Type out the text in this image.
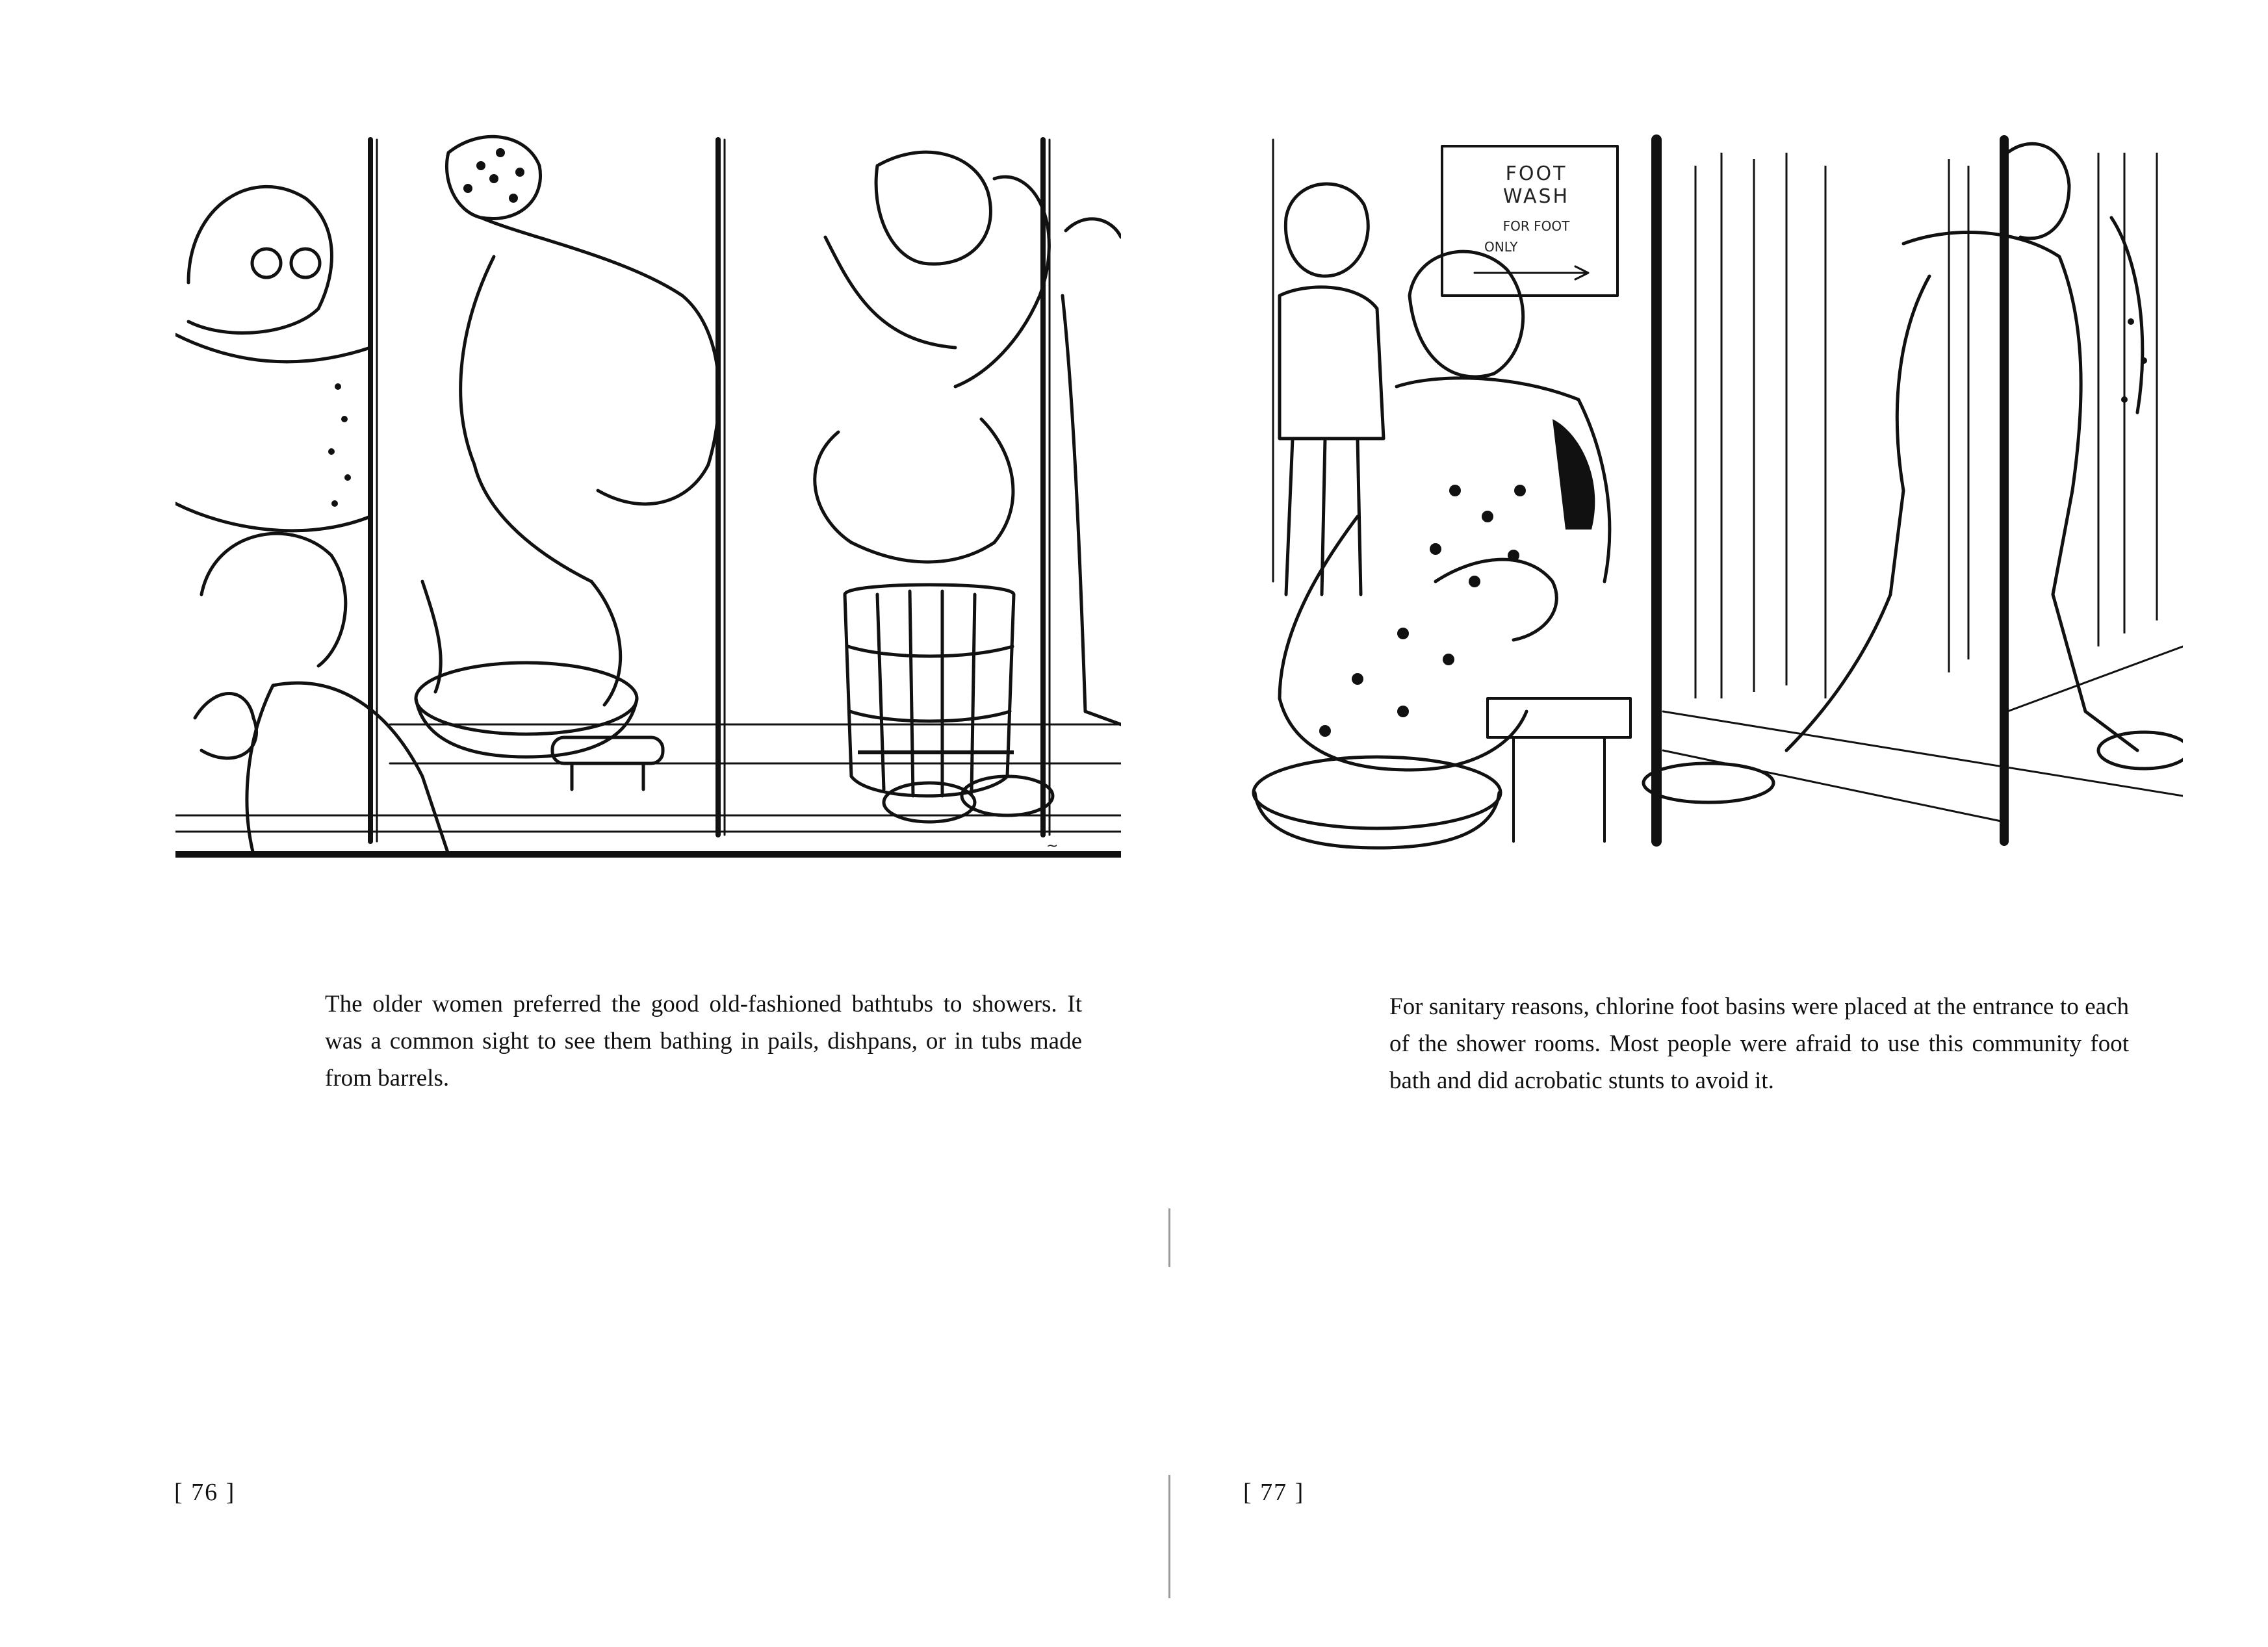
~

The older women preferred the good old-fashioned bathtubs to showers. It was a common sight to see them bathing in pails, dishpans, or in tubs made from barrels.

[ 76 ]
FOOT WASH
FOR FOOT
ONLY

For sanitary reasons, chlorine foot basins were placed at the entrance to each of the shower rooms. Most people were afraid to use this community foot bath and did acrobatic stunts to avoid it.

[ 77 ]
